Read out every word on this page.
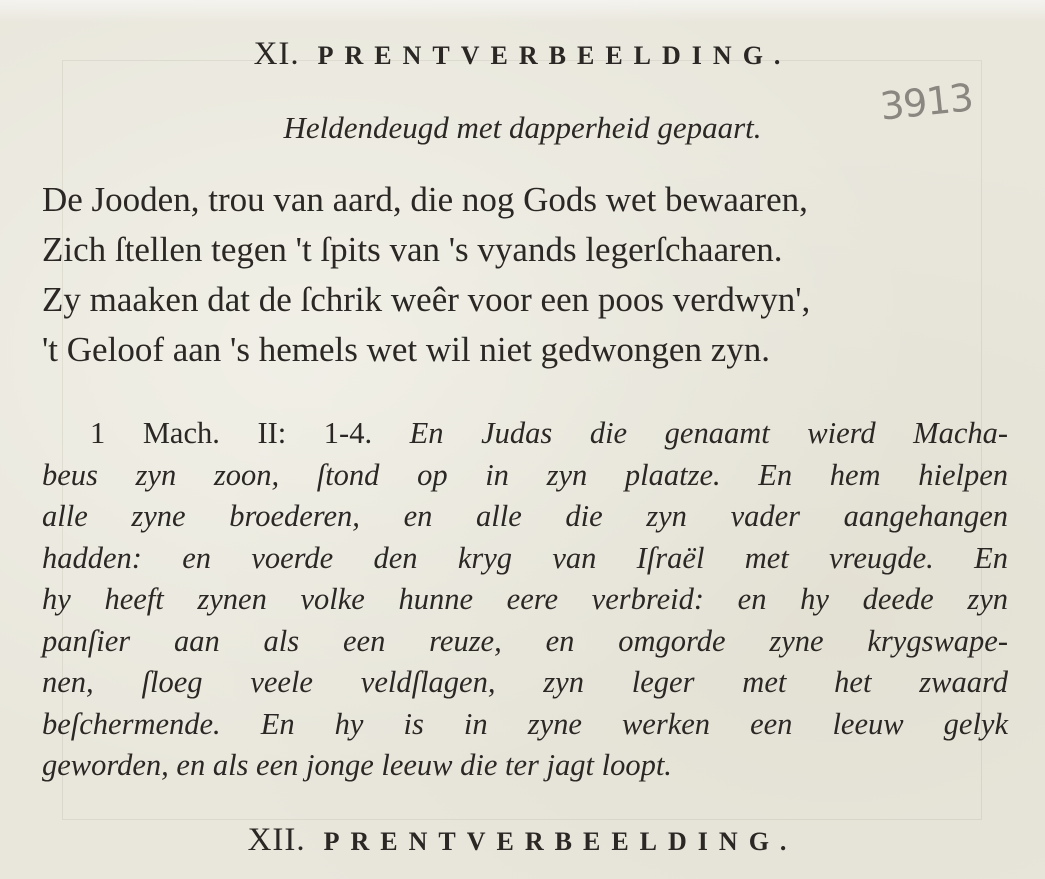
XI. PRENTVERBEELDING.
3913
Heldendeugd met dapperheid gepaart.
De Jooden, trou van aard, die nog Gods wet bewaaren,
Zich ſtellen tegen 't ſpits van 's vyands legerſchaaren.
Zy maaken dat de ſchrik weêr voor een poos verdwyn',
't Geloof aan 's hemels wet wil niet gedwongen zyn.
1 Mach. II: 1-4. En Judas die genaamt wierd Macha-
beus zyn zoon, ſtond op in zyn plaatze. En hem hielpen
alle zyne broederen, en alle die zyn vader aangehangen
hadden: en voerde den kryg van Iſraël met vreugde. En
hy heeft zynen volke hunne eere verbreid: en hy deede zyn
panſier aan als een reuze, en omgorde zyne krygswape-
nen, ſloeg veele veldſlagen, zyn leger met het zwaard
beſchermende. En hy is in zyne werken een leeuw gelyk
geworden, en als een jonge leeuw die ter jagt loopt.
XII. PRENTVERBEELDING.
